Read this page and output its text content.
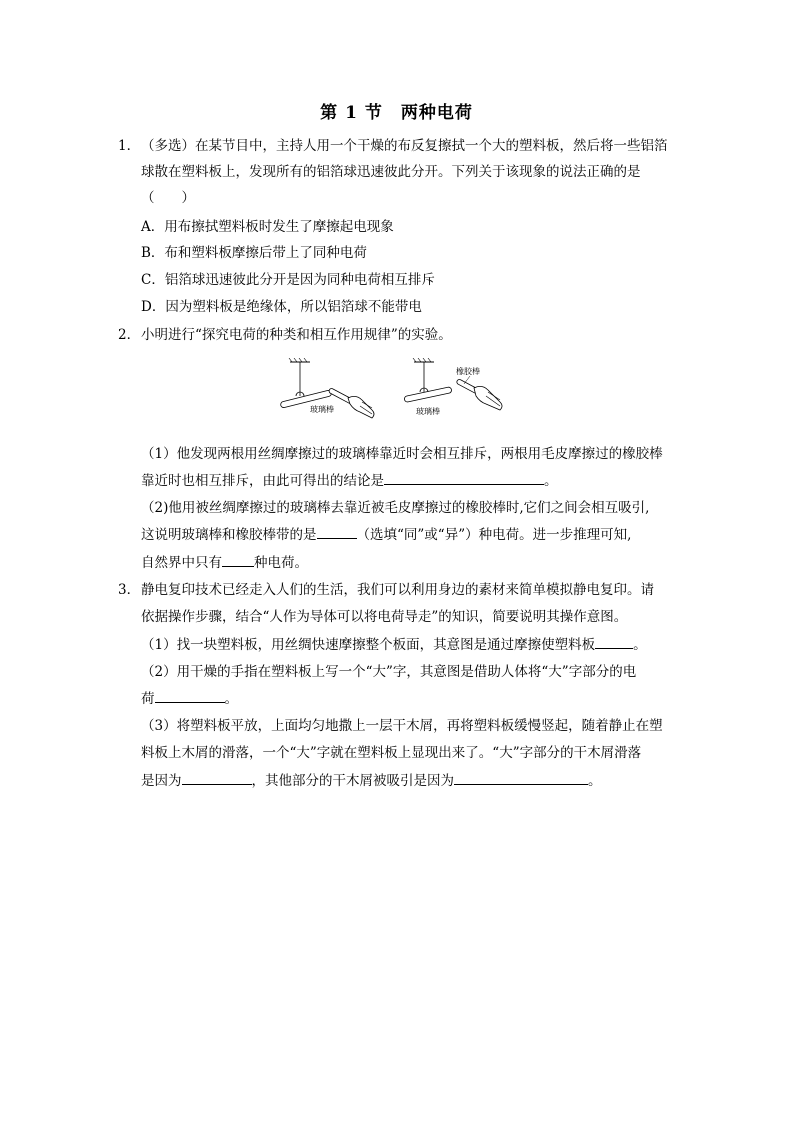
第 1 节　两种电荷
1． （多选）在某节目中，主持人用一个干燥的布反复擦拭一个大的塑料板，然后将一些铝箔
球散在塑料板上，发现所有的铝箔球迅速彼此分开。下列关于该现象的说法正确的是
（　　）
A．用布擦拭塑料板时发生了摩擦起电现象
B．布和塑料板摩擦后带上了同种电荷
C．铝箔球迅速彼此分开是因为同种电荷相互排斥
D．因为塑料板是绝缘体，所以铝箔球不能带电
2． 小明进行“探究电荷的种类和相互作用规律”的实验。
玻璃棒	玻璃棒
橡胶棒
（1）他发现两根用丝绸摩擦过的玻璃棒靠近时会相互排斥，两根用毛皮摩擦过的橡胶棒
靠近时也相互排斥，由此可得出的结论是	。
（2)他用被丝绸摩擦过的玻璃棒去靠近被毛皮摩擦过的橡胶棒时,它们之间会相互吸引,
这说明玻璃棒和橡胶棒带的是	（选填“同”或“异”）种电荷。进一步推理可知,
自然界中只有 种电荷。
3． 静电复印技术已经走入人们的生活，我们可以利用身边的素材来简单模拟静电复印。请
依据操作步骤，结合“人作为导体可以将电荷导走”的知识，简要说明其操作意图。
（1）找一块塑料板，用丝绸快速摩擦整个板面，其意图是通过摩擦使塑料板	。
（2）用干燥的手指在塑料板上写一个“大”字，其意图是借助人体将“大”字部分的电
荷	。
（3）将塑料板平放，上面均匀地撒上一层干木屑，再将塑料板缓慢竖起，随着静止在塑
料板上木屑的滑落，一个“大”字就在塑料板上显现出来了。“大”字部分的干木屑滑落
是因为	，其他部分的干木屑被吸引是因为	。
